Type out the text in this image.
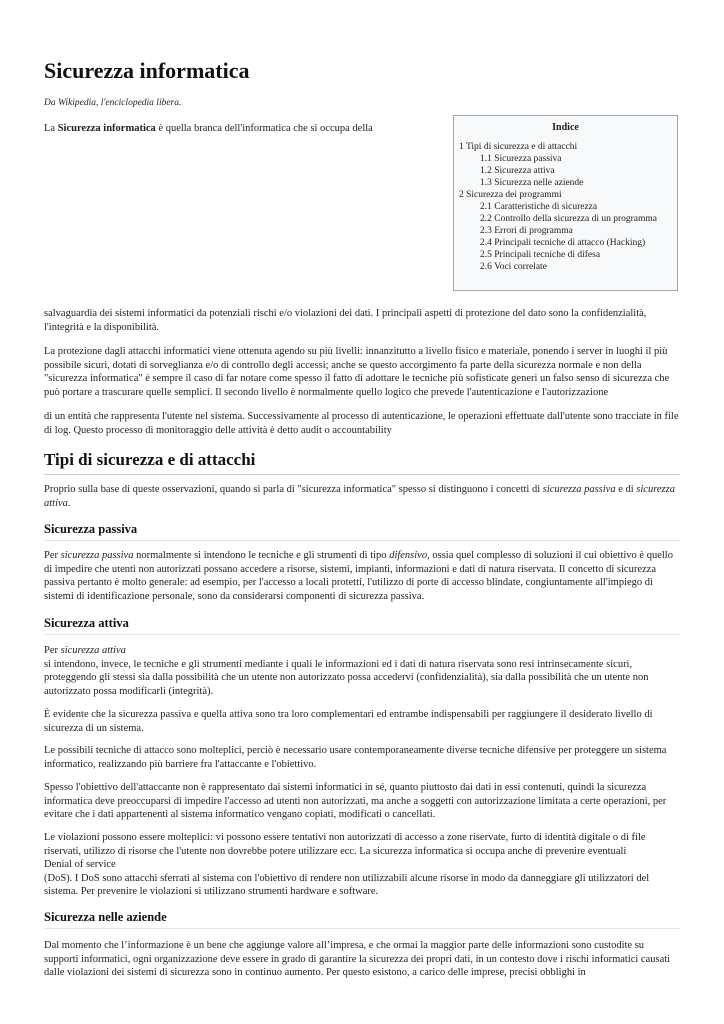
Sicurezza informatica

Da Wikipedia, l'enciclopedia libera.

La Sicurezza informatica è quella branca dell'informatica che si occupa della	Indice
1 Tipi di sicurezza e di attacchi
1.1 Sicurezza passiva
1.2 Sicurezza attiva
1.3 Sicurezza nelle aziende
2 Sicurezza dei programmi
2.1 Caratteristiche di sicurezza
2.2 Controllo della sicurezza di un programma
2.3 Errori di programma
2.4 Principali tecniche di attacco (Hacking)
2.5 Principali tecniche di difesa
2.6 Voci correlate

salvaguardia dei sistemi informatici da potenziali rischi e/o violazioni dei dati. I principali aspetti di protezione del dato sono la confidenzialità, l'integrità e la disponibilità.

La protezione dagli attacchi informatici viene ottenuta agendo su più livelli: innanzitutto a livello fisico e materiale, ponendo i server in luoghi il più possibile sicuri, dotati di sorveglianza e/o di controllo degli accessi; anche se questo accorgimento fa parte della sicurezza normale e non della "sicurezza informatica" è sempre il caso di far notare come spesso il fatto di adottare le tecniche più sofisticate generi un falso senso di sicurezza che può portare a trascurare quelle semplici. Il secondo livello è normalmente quello logico che prevede l'autenticazione e l'autorizzazione

di un entità che rappresenta l'utente nel sistema. Successivamente al processo di autenticazione, le operazioni effettuate dall'utente sono tracciate in file di log. Questo processo di monitoraggio delle attività è detto audit o accountability

Tipi di sicurezza e di attacchi

Proprio sulla base di queste osservazioni, quando si parla di "sicurezza informatica" spesso si distinguono i concetti di sicurezza passiva e di sicurezza attiva.

Sicurezza passiva

Per sicurezza passiva normalmente si intendono le tecniche e gli strumenti di tipo difensivo, ossia quel complesso di soluzioni il cui obiettivo è quello di impedire che utenti non autorizzati possano accedere a risorse, sistemi, impianti, informazioni e dati di natura riservata. Il concetto di sicurezza passiva pertanto è molto generale: ad esempio, per l'accesso a locali protetti, l'utilizzo di porte di accesso blindate, congiuntamente all'impiego di sistemi di identificazione personale, sono da considerarsi componenti di sicurezza passiva.

Sicurezza attiva

Per sicurezza attiva
si intendono, invece, le tecniche e gli strumenti mediante i quali le informazioni ed i dati di natura riservata sono resi intrinsecamente sicuri, proteggendo gli stessi sia dalla possibilità che un utente non autorizzato possa accedervi (confidenzialità), sia dalla possibilità che un utente non autorizzato possa modificarli (integrità).

È evidente che la sicurezza passiva e quella attiva sono tra loro complementari ed entrambe indispensabili per raggiungere il desiderato livello di sicurezza di un sistema.

Le possibili tecniche di attacco sono molteplici, perciò è necessario usare contemporaneamente diverse tecniche difensive per proteggere un sistema informatico, realizzando più barriere fra l'attaccante e l'obiettivo.

Spesso l'obiettivo dell'attaccante non è rappresentato dai sistemi informatici in sé, quanto piuttosto dai dati in essi contenuti, quindi la sicurezza informatica deve preoccuparsi di impedire l'accesso ad utenti non autorizzati, ma anche a soggetti con autorizzazione limitata a certe operazioni, per evitare che i dati appartenenti al sistema informatico vengano copiati, modificati o cancellati.

Le violazioni possono essere molteplici: vi possono essere tentativi non autorizzati di accesso a zone riservate, furto di identità digitale o di file riservati, utilizzo di risorse che l'utente non dovrebbe potere utilizzare ecc. La sicurezza informatica si occupa anche di prevenire eventuali
Denial of service
(DoS). I DoS sono attacchi sferrati al sistema con l'obiettivo di rendere non utilizzabili alcune risorse in modo da danneggiare gli utilizzatori del sistema. Per prevenire le violazioni si utilizzano strumenti hardware e software.

Sicurezza nelle aziende

Dal momento che l’informazione è un bene che aggiunge valore all’impresa, e che ormai la maggior parte delle informazioni sono custodite su supporti informatici, ogni organizzazione deve essere in grado di garantire la sicurezza dei propri dati, in un contesto dove i rischi informatici causati dalle violazioni dei sistemi di sicurezza sono in continuo aumento. Per questo esistono, a carico delle imprese, precisi obblighi in
